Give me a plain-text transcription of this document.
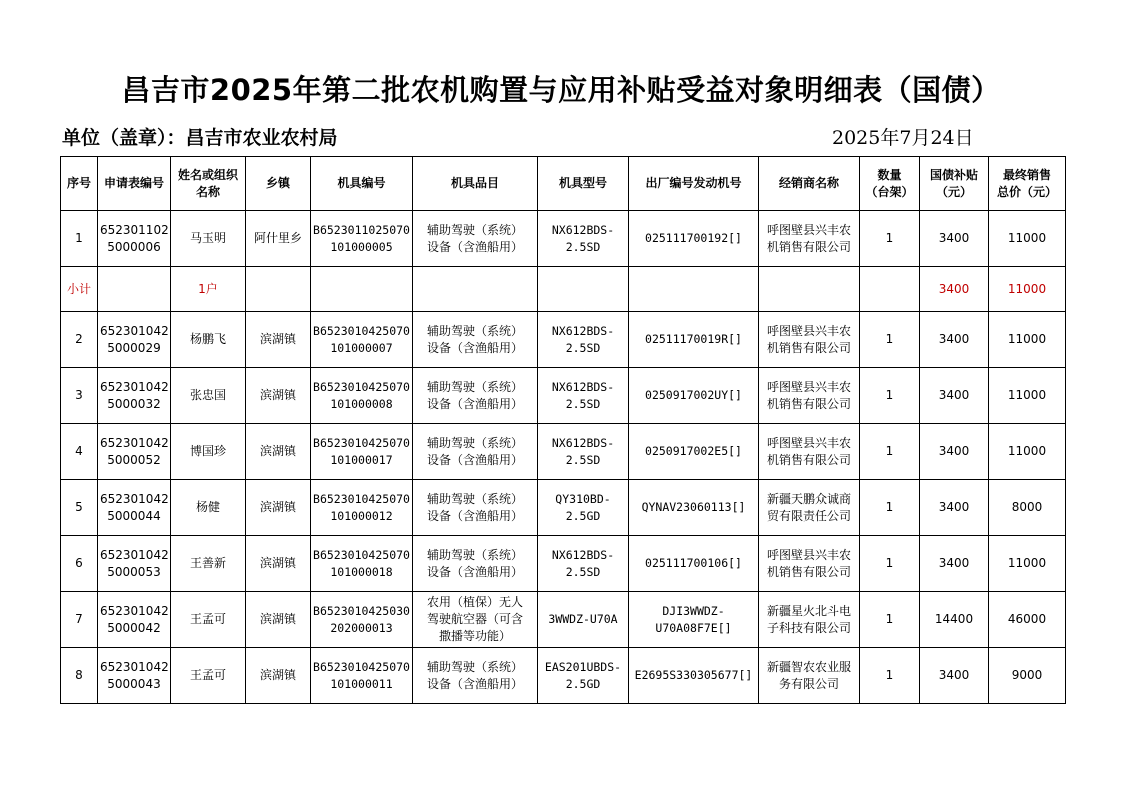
昌吉市2025年第二批农机购置与应用补贴受益对象明细表（国债）
单位（盖章）：昌吉市农业农村局	2025年7月24日
序号	申请表编号	姓名或组织
名称	乡镇	机具编号	机具品目	机具型号	出厂编号发动机号	经销商名称	数量
（台架）	国债补贴
（元）	最终销售
总价（元）

1	652301102
5000006	马玉明	阿什里乡	B6523011025070
101000005	辅助驾驶（系统）
设备（含渔船用）	NX612BDS-
2.5SD	025111700192[]	呼图壁县兴丰农
机销售有限公司	1	3400	11000

小计		1户								3400	11000

2	652301042
5000029	杨鹏飞	滨湖镇	B6523010425070
101000007	辅助驾驶（系统）
设备（含渔船用）	NX612BDS-
2.5SD	02511170019R[]	呼图壁县兴丰农
机销售有限公司	1	3400	11000

3	652301042
5000032	张忠国	滨湖镇	B6523010425070
101000008	辅助驾驶（系统）
设备（含渔船用）	NX612BDS-
2.5SD	0250917002UY[]	呼图壁县兴丰农
机销售有限公司	1	3400	11000

4	652301042
5000052	博国珍	滨湖镇	B6523010425070
101000017	辅助驾驶（系统）
设备（含渔船用）	NX612BDS-
2.5SD	0250917002E5[]	呼图壁县兴丰农
机销售有限公司	1	3400	11000

5	652301042
5000044	杨健	滨湖镇	B6523010425070
101000012	辅助驾驶（系统）
设备（含渔船用）	QY310BD-
2.5GD	QYNAV23060113[]	新疆天鹏众诚商
贸有限责任公司	1	3400	8000

6	652301042
5000053	王善新	滨湖镇	B6523010425070
101000018	辅助驾驶（系统）
设备（含渔船用）	NX612BDS-
2.5SD	025111700106[]	呼图壁县兴丰农
机销售有限公司	1	3400	11000

7	652301042
5000042	王孟可	滨湖镇	B6523010425030
202000013	农用（植保）无人
驾驶航空器（可含
撒播等功能）	3WWDZ-U70A	DJI3WWDZ-
U70A08F7E[]	新疆星火北斗电
子科技有限公司	1	14400	46000

8	652301042
5000043	王孟可	滨湖镇	B6523010425070
101000011	辅助驾驶（系统）
设备（含渔船用）	EAS201UBDS-
2.5GD	E2695S330305677[]	新疆智农农业服
务有限公司	1	3400	9000
